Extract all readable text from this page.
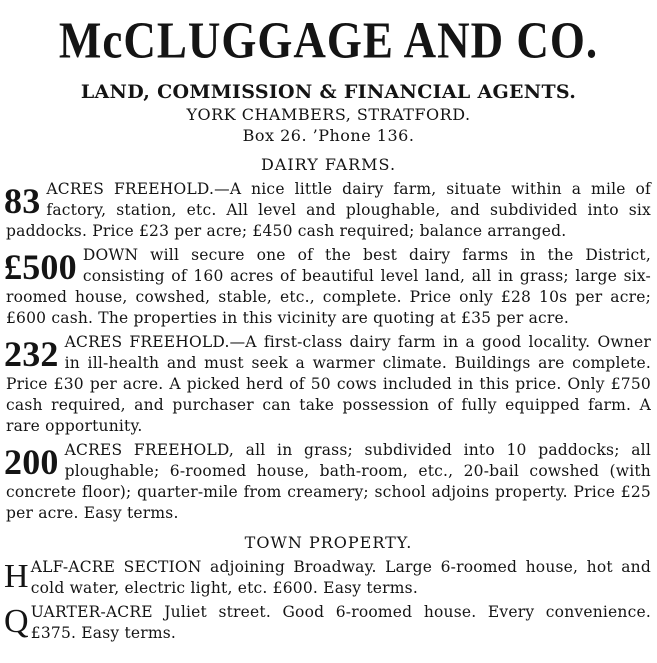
McCLUGGAGE AND CO.
LAND, COMMISSION & FINANCIAL AGENTS.
YORK CHAMBERS, STRATFORD.
Box 26. ’Phone 136.
DAIRY FARMS.
83 ACRES FREEHOLD.—A nice little dairy farm, situate within a mile of factory, station, etc. All level and ploughable, and subdivided into six paddocks. Price £23 per acre; £450 cash required; balance arranged.
£500 DOWN will secure one of the best dairy farms in the District, consisting of 160 acres of beautiful level land, all in grass; large six-roomed house, cowshed, stable, etc., complete. Price only £28 10s per acre; £600 cash. The properties in this vicinity are quoting at £35 per acre.
232 ACRES FREEHOLD.—A first-class dairy farm in a good locality. Owner in ill-health and must seek a warmer climate. Buildings are complete. Price £30 per acre. A picked herd of 50 cows included in this price. Only £750 cash required, and purchaser can take possession of fully equipped farm. A rare opportunity.
200 ACRES FREEHOLD, all in grass; subdivided into 10 paddocks; all ploughable; 6-roomed house, bath-room, etc., 20-bail cowshed (with concrete floor); quarter-mile from creamery; school adjoins property. Price £25 per acre. Easy terms.
TOWN PROPERTY.
H ALF-ACRE SECTION adjoining Broadway. Large 6-roomed house, hot and cold water, electric light, etc. £600. Easy terms.
Q UARTER-ACRE Juliet street. Good 6-roomed house. Every convenience. £375. Easy terms.
